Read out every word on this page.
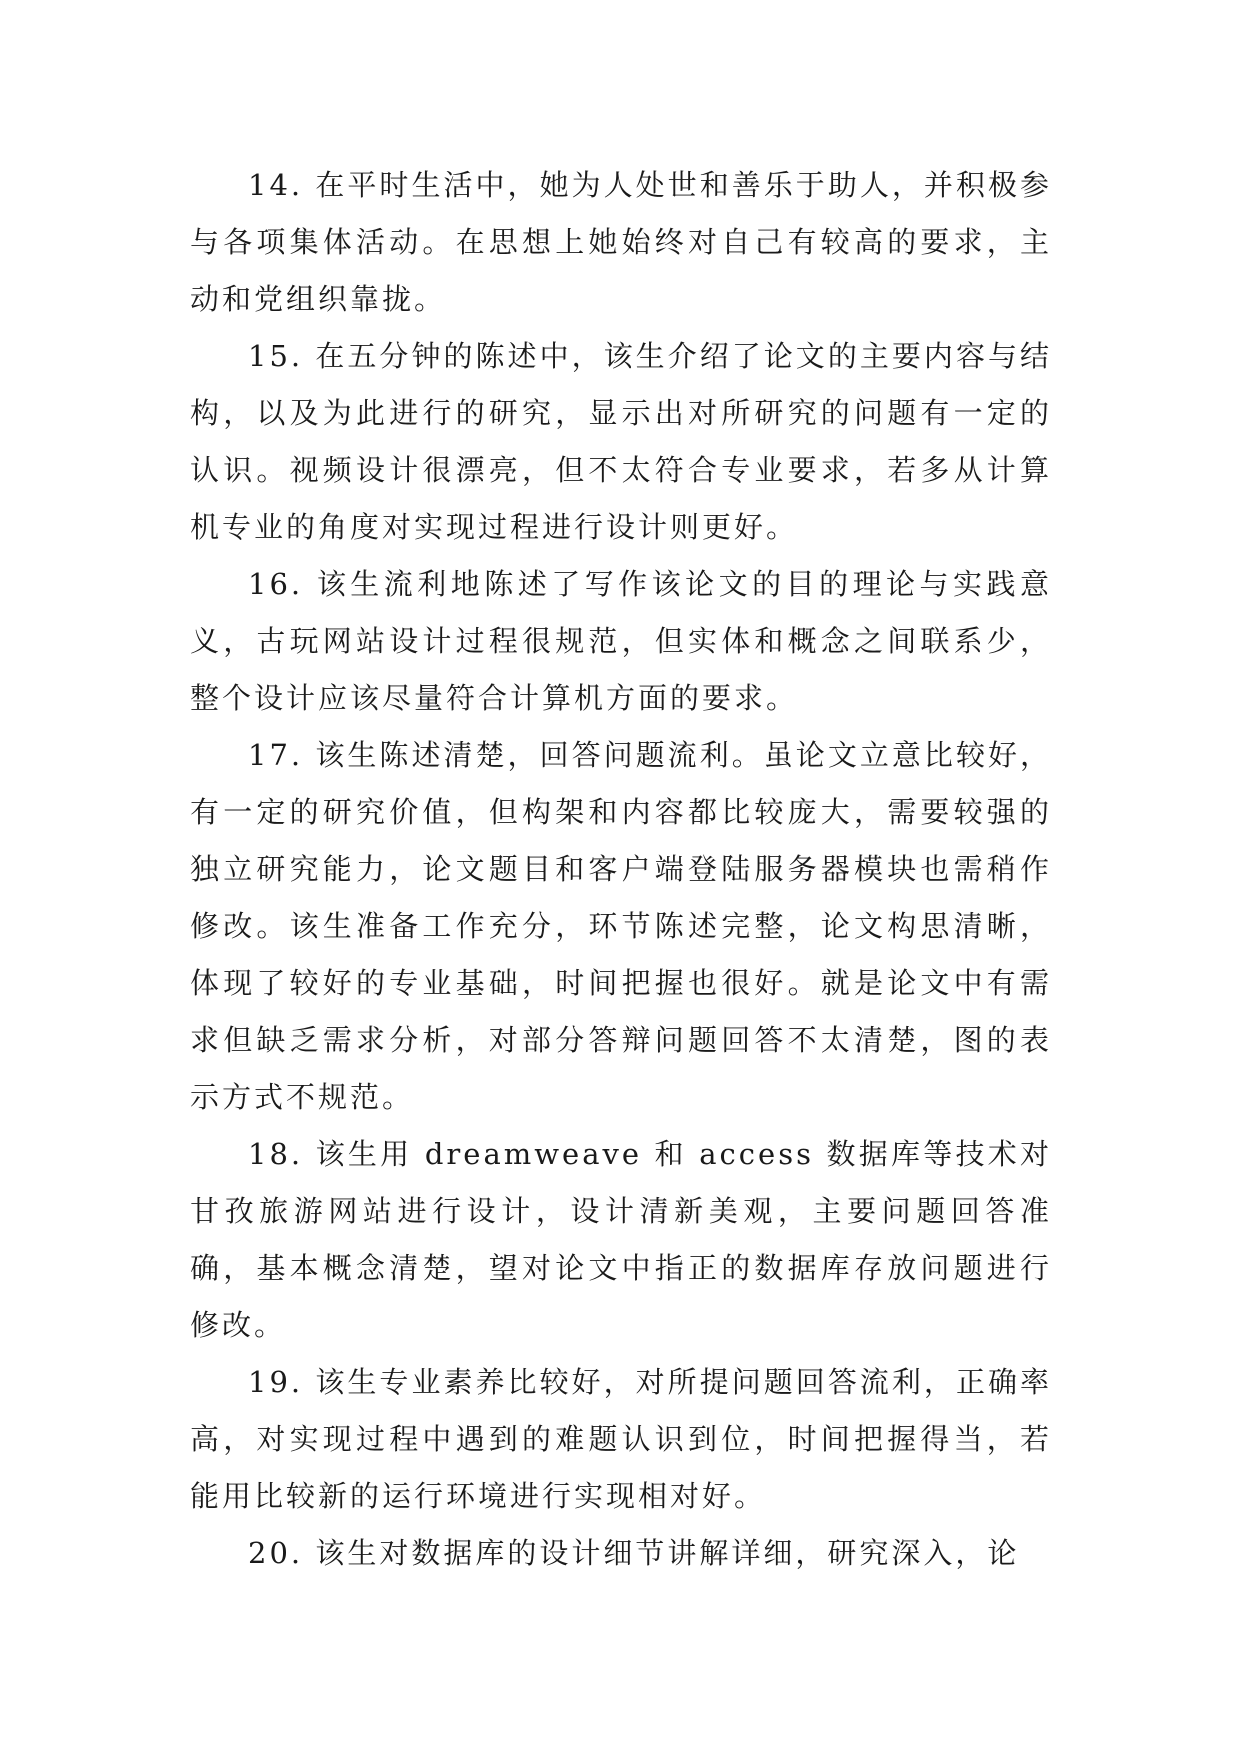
14. 在平时生活中，她为人处世和善乐于助人，并积极参与各项集体活动。在思想上她始终对自己有较高的要求，主动和党组织靠拢。

15. 在五分钟的陈述中，该生介绍了论文的主要内容与结构，以及为此进行的研究，显示出对所研究的问题有一定的认识。视频设计很漂亮，但不太符合专业要求，若多从计算机专业的角度对实现过程进行设计则更好。

16. 该生流利地陈述了写作该论文的目的理论与实践意义，古玩网站设计过程很规范，但实体和概念之间联系少，整个设计应该尽量符合计算机方面的要求。

17. 该生陈述清楚，回答问题流利。虽论文立意比较好，有一定的研究价值，但构架和内容都比较庞大，需要较强的独立研究能力，论文题目和客户端登陆服务器模块也需稍作修改。该生准备工作充分，环节陈述完整，论文构思清晰，体现了较好的专业基础，时间把握也很好。就是论文中有需求但缺乏需求分析，对部分答辩问题回答不太清楚，图的表示方式不规范。

18. 该生用 dreamweave 和 access 数据库等技术对甘孜旅游网站进行设计，设计清新美观，主要问题回答准确，基本概念清楚，望对论文中指正的数据库存放问题进行修改。

19. 该生专业素养比较好，对所提问题回答流利，正确率高，对实现过程中遇到的难题认识到位，时间把握得当，若能用比较新的运行环境进行实现相对好。

20. 该生对数据库的设计细节讲解详细，研究深入，论
